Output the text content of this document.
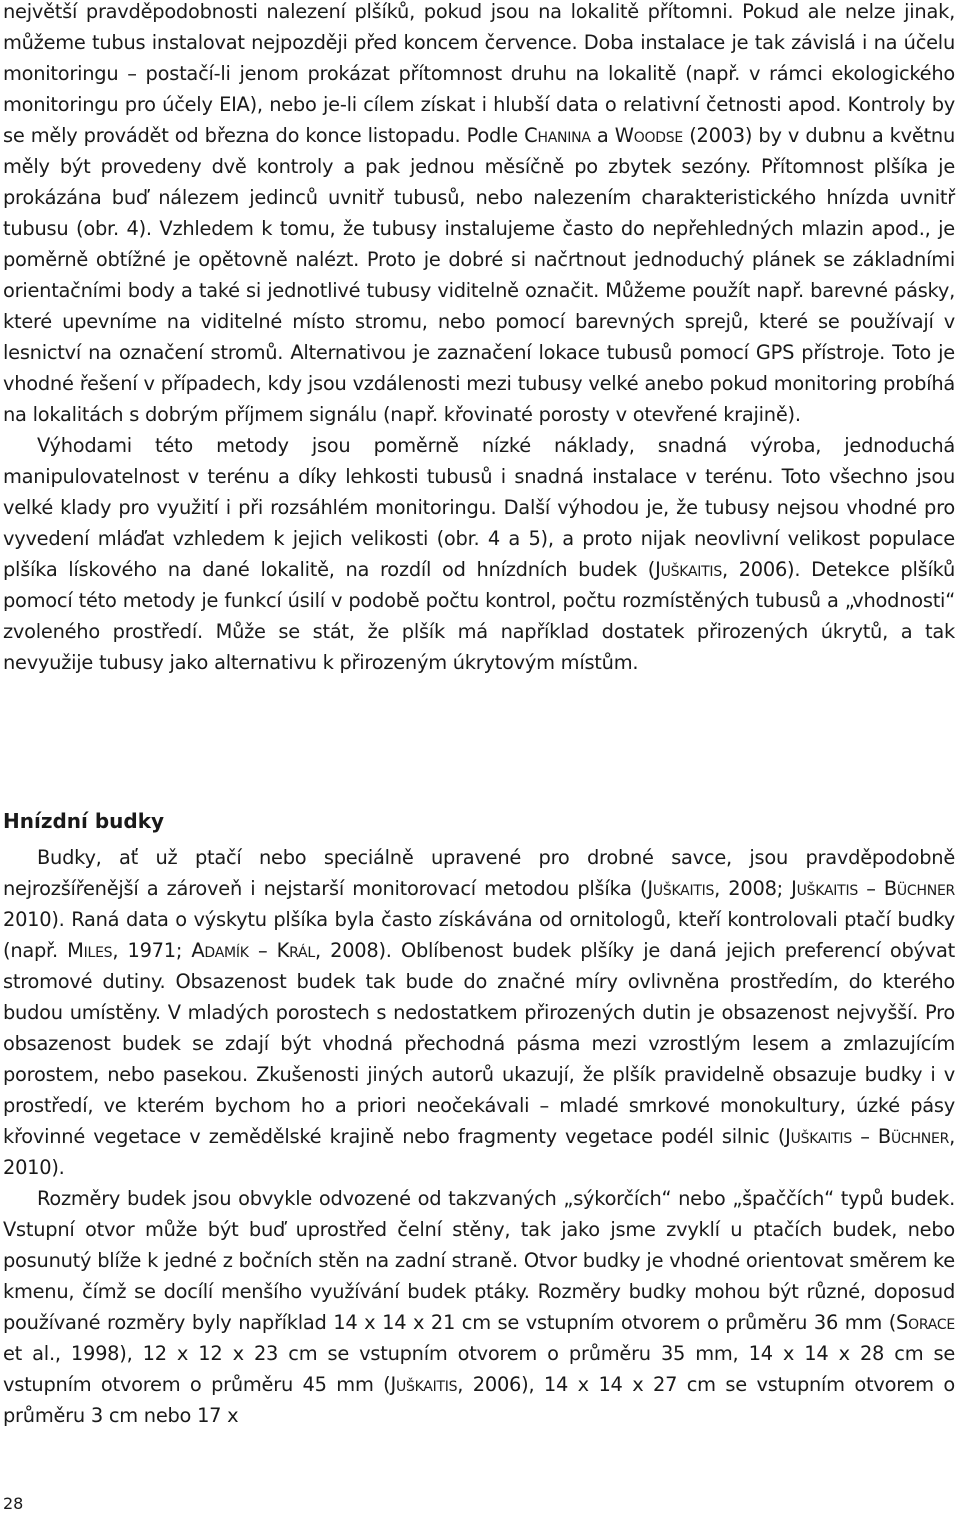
největší pravděpodobnosti nalezení plšíků, pokud jsou na lokalitě přítomni. Pokud ale nelze jinak, můžeme tubus instalovat nejpozději před koncem července. Doba instalace je tak závislá i na účelu monitoringu – postačí-li jenom prokázat přítomnost druhu na lokalitě (např. v rámci ekologického monitoringu pro účely EIA), nebo je-li cílem získat i hlubší data o relativní četnosti apod. Kontroly by se měly provádět od března do konce listopadu. Podle Chanina a Woodse (2003) by v dubnu a květnu měly být provedeny dvě kontroly a pak jednou měsíčně po zbytek sezóny. Přítomnost plšíka je prokázána buď nálezem jedinců uvnitř tubusů, nebo nalezením charakteristického hnízda uvnitř tubusu (obr. 4). Vzhledem k tomu, že tubusy instalujeme často do nepřehledných mlazin apod., je poměrně obtížné je opětovně nalézt. Proto je dobré si načrtnout jednoduchý plánek se základními orientačními body a také si jednotlivé tubusy viditelně označit. Můžeme použít např. barevné pásky, které upevníme na viditelné místo stromu, nebo pomocí barevných sprejů, které se používají v lesnictví na označení stromů. Alternativou je zaznačení lokace tubusů pomocí GPS přístroje. Toto je vhodné řešení v případech, kdy jsou vzdálenosti mezi tubusy velké anebo pokud monitoring probíhá na lokalitách s dobrým příjmem signálu (např. křovinaté porosty v otevřené krajině).

Výhodami této metody jsou poměrně nízké náklady, snadná výroba, jednoduchá manipulovatelnost v terénu a díky lehkosti tubusů i snadná instalace v terénu. Toto všechno jsou velké klady pro využití i při rozsáhlém monitoringu. Další výhodou je, že tubusy nejsou vhodné pro vyvedení mláďat vzhledem k jejich velikosti (obr. 4 a 5), a proto nijak neovlivní velikost populace plšíka lískového na dané lokalitě, na rozdíl od hnízdních budek (Juškaitis, 2006). Detekce plšíků pomocí této metody je funkcí úsilí v podobě počtu kontrol, počtu rozmístěných tubusů a „vhodnosti“ zvoleného prostředí. Může se stát, že plšík má například dostatek přirozených úkrytů, a tak nevyužije tubusy jako alternativu k přirozeným úkrytovým místům.

Hnízdní budky

Budky, ať už ptačí nebo speciálně upravené pro drobné savce, jsou pravděpodobně nejrozšířenější a zároveň i nejstarší monitorovací metodou plšíka (Juškaitis, 2008; Juškaitis – Büchner 2010). Raná data o výskytu plšíka byla často získávána od ornitologů, kteří kontrolovali ptačí budky (např. Miles, 1971; Adamík – Král, 2008). Oblíbenost budek plšíky je daná jejich preferencí obývat stromové dutiny. Obsazenost budek tak bude do značné míry ovlivněna prostředím, do kterého budou umístěny. V mladých porostech s nedostatkem přirozených dutin je obsazenost nejvyšší. Pro obsazenost budek se zdají být vhodná přechodná pásma mezi vzrostlým lesem a zmlazujícím porostem, nebo pasekou. Zkušenosti jiných autorů ukazují, že plšík pravidelně obsazuje budky i v prostředí, ve kterém bychom ho a priori neočekávali – mladé smrkové monokultury, úzké pásy křovinné vegetace v zemědělské krajině nebo fragmenty vegetace podél silnic (Juškaitis – Büchner, 2010).

Rozměry budek jsou obvykle odvozené od takzvaných „sýkorčích“ nebo „špaččích“ typů budek. Vstupní otvor může být buď uprostřed čelní stěny, tak jako jsme zvyklí u ptačích budek, nebo posunutý blíže k jedné z bočních stěn na zadní straně. Otvor budky je vhodné orientovat směrem ke kmenu, čímž se docílí menšího využívání budek ptáky. Rozměry budky mohou být různé, doposud používané rozměry byly například 14 x 14 x 21 cm se vstupním otvorem o průměru 36 mm (Sorace et al., 1998), 12 x 12 x 23 cm se vstupním otvorem o průměru 35 mm, 14 x 14 x 28 cm se vstupním otvorem o průměru 45 mm (Juškaitis, 2006), 14 x 14 x 27 cm se vstupním otvorem o průměru 3 cm nebo 17 x

28
